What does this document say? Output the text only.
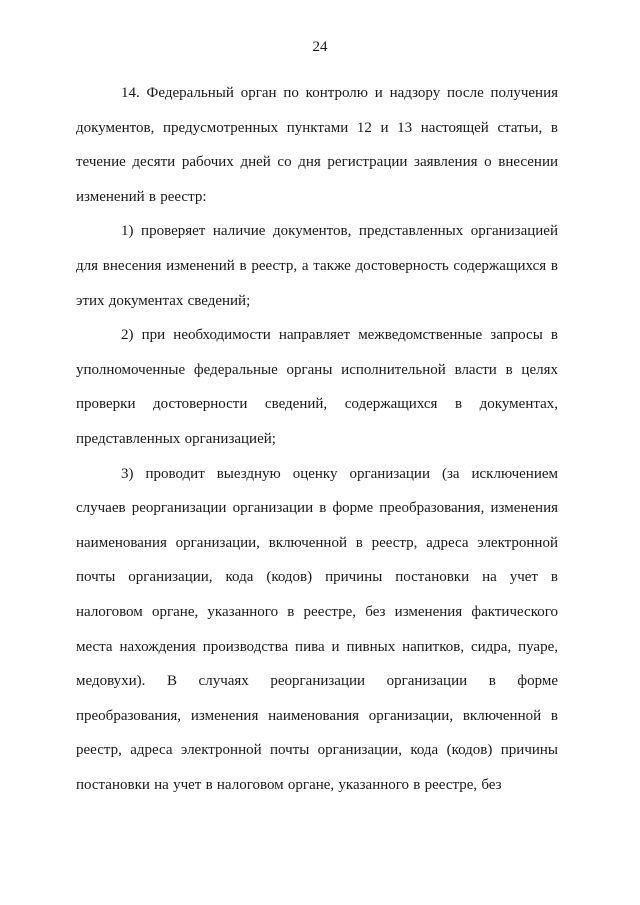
24

14. Федеральный орган по контролю и надзору после получения документов, предусмотренных пунктами 12 и 13 настоящей статьи, в течение десяти рабочих дней со дня регистрации заявления о внесении изменений в реестр:

1) проверяет наличие документов, представленных организацией для внесения изменений в реестр, а также достоверность содержащихся в этих документах сведений;

2) при необходимости направляет межведомственные запросы в уполномоченные федеральные органы исполнительной власти в целях проверки достоверности сведений, содержащихся в документах, представленных организацией;

3) проводит выездную оценку организации (за исключением случаев реорганизации организации в форме преобразования, изменения наименования организации, включенной в реестр, адреса электронной почты организации, кода (кодов) причины постановки на учет в налоговом органе, указанного в реестре, без изменения фактического места нахождения производства пива и пивных напитков, сидра, пуаре, медовухи). В случаях реорганизации организации в форме преобразования, изменения наименования организации, включенной в реестр, адреса электронной почты организации, кода (кодов) причины постановки на учет в налоговом органе, указанного в реестре, без
